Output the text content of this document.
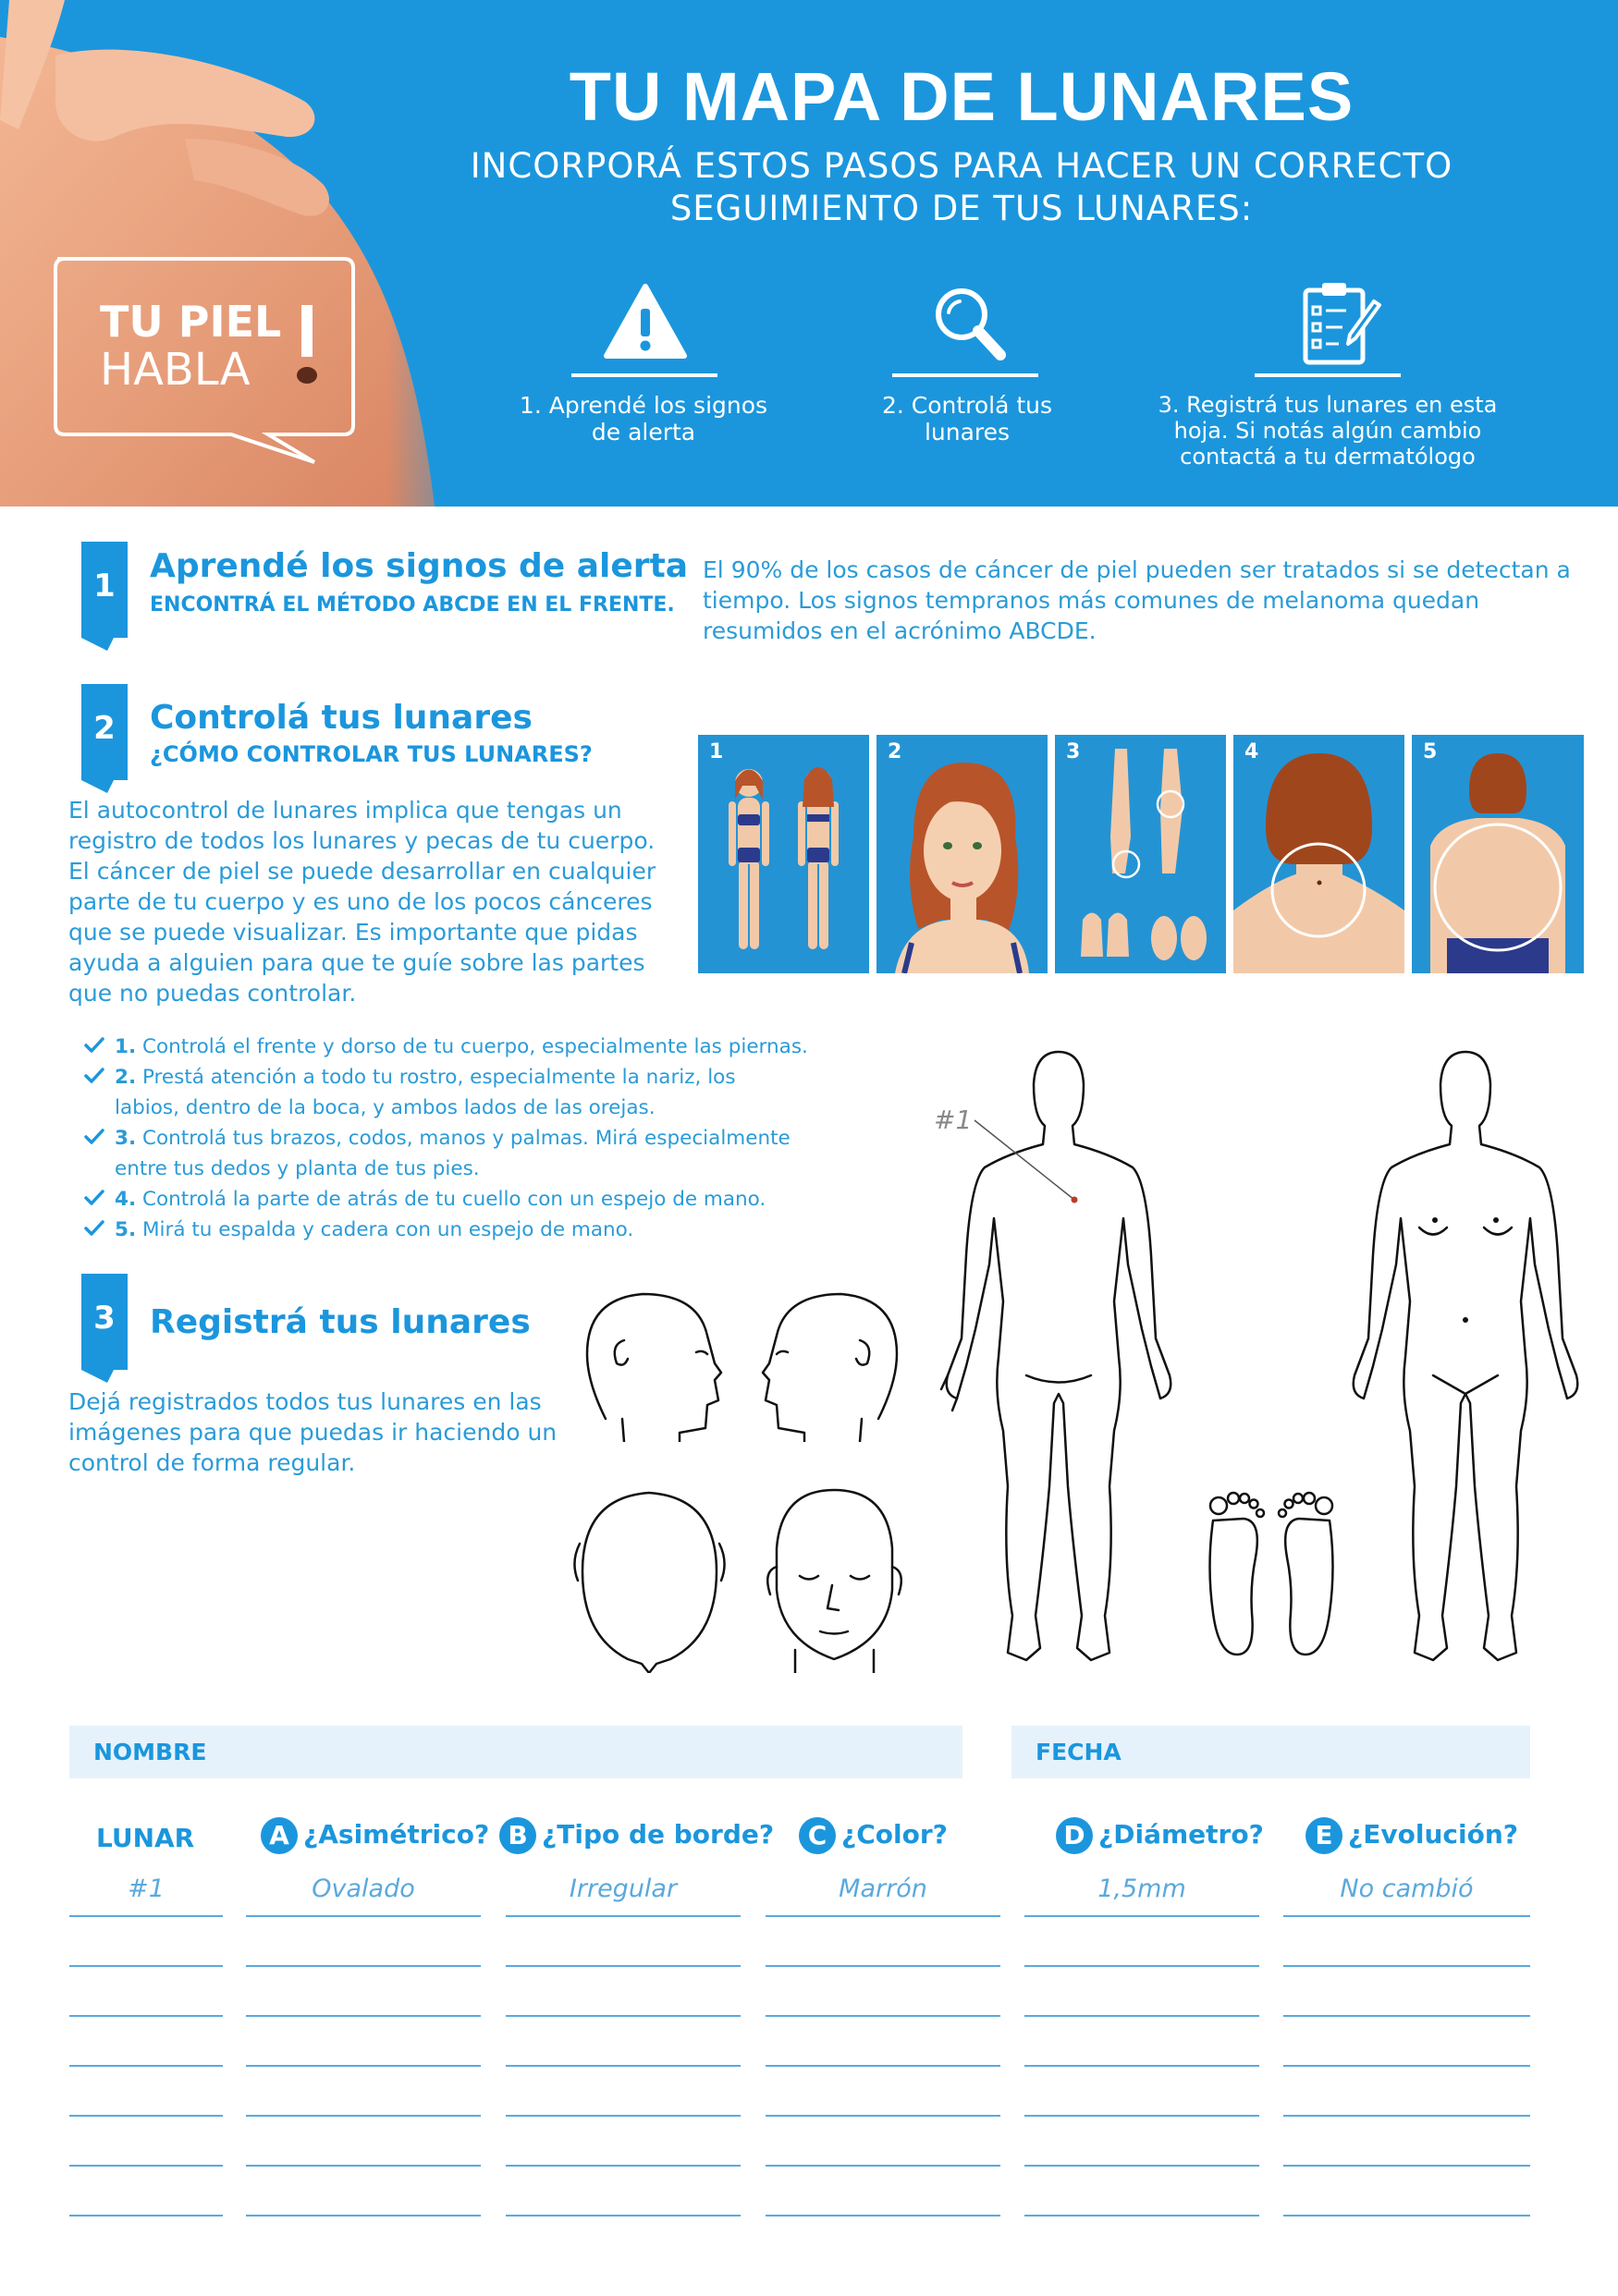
TU PIEL
HABLA
TU MAPA DE LUNARES
INCORPORÁ ESTOS PASOS PARA HACER UN CORRECTO
SEGUIMIENTO DE TUS LUNARES:
1. Aprendé los signos
de alerta
2. Controlá tus
lunares
3. Registrá tus lunares en esta
hoja. Si notás algún cambio
contactá a tu dermatólogo
1
Aprendé los signos de alerta
ENCONTRÁ EL MÉTODO ABCDE EN EL FRENTE.
El 90% de los casos de cáncer de piel pueden ser tratados si se detectan a
tiempo. Los signos tempranos más comunes de melanoma quedan
resumidos en el acrónimo ABCDE.
2	Controlá tus lunares
¿CÓMO CONTROLAR TUS LUNARES?
El autocontrol de lunares implica que tengas un
registro de todos los lunares y pecas de tu cuerpo.
El cáncer de piel se puede desarrollar en cualquier
parte de tu cuerpo y es uno de los pocos cánceres
que se puede visualizar. Es importante que pidas
ayuda a alguien para que te guíe sobre las partes
que no puedas controlar.
1. Controlá el frente y dorso de tu cuerpo, especialmente las piernas.
2. Prestá atención a todo tu rostro, especialmente la nariz, los
labios, dentro de la boca, y ambos lados de las orejas.
3. Controlá tus brazos, codos, manos y palmas. Mirá especialmente
entre tus dedos y planta de tus pies.
4. Controlá la parte de atrás de tu cuello con un espejo de mano.
5. Mirá tu espalda y cadera con un espejo de mano.
1	2	3	4	5
3	Registrá tus lunares
Dejá registrados todos tus lunares en las
imágenes para que puedas ir haciendo un
control de forma regular.
#1
NOMBRE	FECHA
LUNAR	A ¿Asimétrico? B ¿Tipo de borde?	C ¿Color?	D ¿Diámetro?	E ¿Evolución?
#1	Ovalado	Irregular	Marrón	1,5mm	No cambió
